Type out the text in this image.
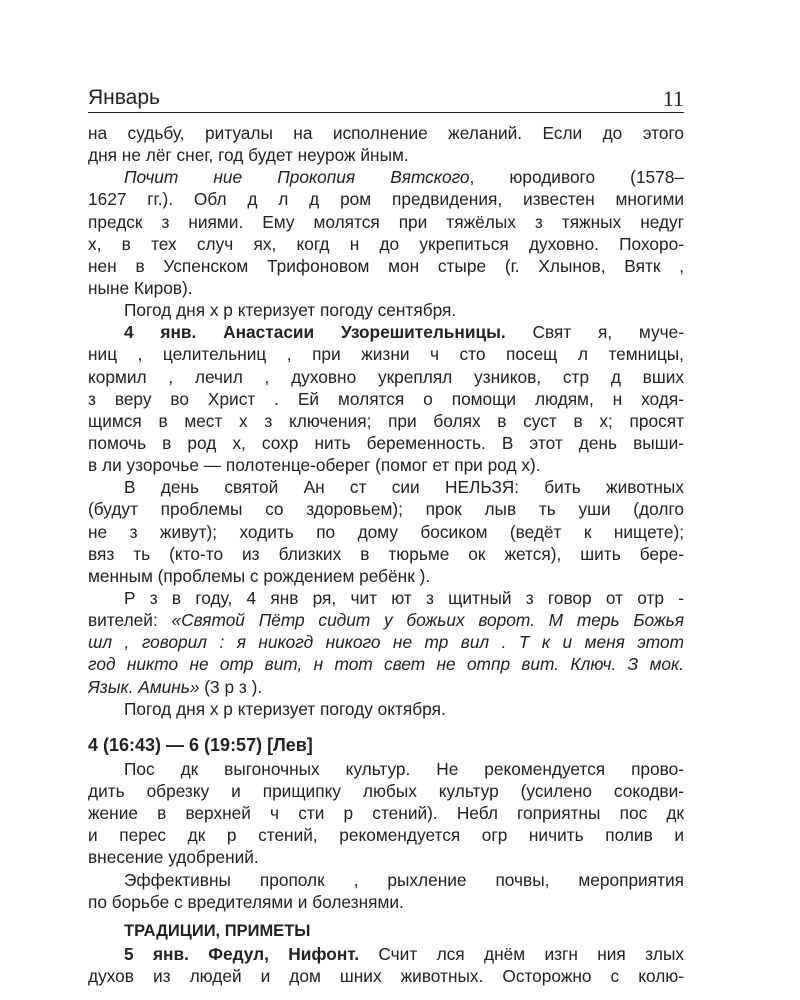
Январь	11
на судьбу, ритуалы на исполнение желаний. Если до этого
дня не лёг снег, год будет неурож йным.
Почит ние Прокопия Вятского, юродивого (1578–
1627 гг.). Обл д л д ром предвидения, известен многими
предск з ниями. Ему молятся при тяжёлых з тяжных недуг
х, в тех случ ях, когд н до укрепиться духовно. Похоро-
нен в Успенском Трифоновом мон стыре (г. Хлынов, Вятк ,
ныне Киров).
Погод дня х р ктеризует погоду сентября.
4 янв. Анастасии Узорешительницы. Свят я, муче-
ниц , целительниц , при жизни ч сто посещ л темницы,
кормил , лечил , духовно укреплял узников, стр д вших
з веру во Христ . Ей молятся о помощи людям, н ходя-
щимся в мест х з ключения; при болях в суст в х; просят
помочь в род х, сохр нить беременность. В этот день выши-
в ли узорочье — полотенце-оберег (помог ет при род х).
В день святой Ан ст сии НЕЛЬЗЯ: бить животных
(будут проблемы со здоровьем); прок лыв ть уши (долго
не з живут); ходить по дому босиком (ведёт к нищете);
вяз ть (кто-то из близких в тюрьме ок жется), шить бере-
менным (проблемы с рождением ребёнк ).
Р з в году, 4 янв ря, чит ют з щитный з говор от отр -
вителей: «Святой Пётр сидит у божьих ворот. М терь Божья
шл , говорил : я никогд никого не тр вил . Т к и меня этот
год никто не отр вит, н тот свет не отпр вит. Ключ. З мок.
Язык. Аминь» (3 р з ).
Погод дня х р ктеризует погоду октября.
4 (16:43) — 6 (19:57) [Лев]
Пос дк выгоночных культур. Не рекомендуется прово-
дить обрезку и прищипку любых культур (усилено сокодви-
жение в верхней ч сти р стений). Небл гоприятны пос дк
и перес дк р стений, рекомендуется огр ничить полив и
внесение удобрений.
Эффективны прополк , рыхление почвы, мероприятия
по борьбе с вредителями и болезнями.
ТРАДИЦИИ, ПРИМЕТЫ
5 янв. Федул, Нифонт. Счит лся днём изгн ния злых
духов из людей и дом шних животных. Осторожно с колю-
